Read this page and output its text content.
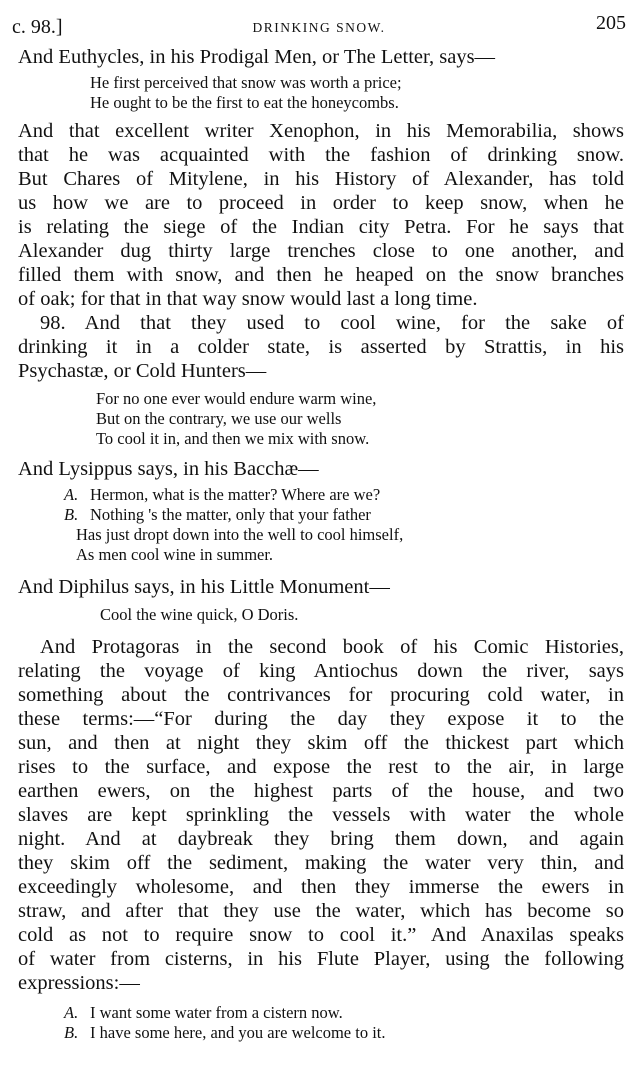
c. 98.]	DRINKING SNOW.	205
And Euthycles, in his Prodigal Men, or The Letter, says—
He first perceived that snow was worth a price;
He ought to be the first to eat the honeycombs.
And that excellent writer Xenophon, in his Memorabilia, shows
that he was acquainted with the fashion of drinking snow.
But Chares of Mitylene, in his History of Alexander, has told
us how we are to proceed in order to keep snow, when he
is relating the siege of the Indian city Petra. For he says that
Alexander dug thirty large trenches close to one another, and
filled them with snow, and then he heaped on the snow branches
of oak; for that in that way snow would last a long time.
98. And that they used to cool wine, for the sake of
drinking it in a colder state, is asserted by Strattis, in his
Psychastæ, or Cold Hunters—
For no one ever would endure warm wine,
But on the contrary, we use our wells
To cool it in, and then we mix with snow.
And Lysippus says, in his Bacchæ—
A. Hermon, what is the matter? Where are we?
B. Nothing 's the matter, only that your father
Has just dropt down into the well to cool himself,
As men cool wine in summer.
And Diphilus says, in his Little Monument—
Cool the wine quick, O Doris.
And Protagoras in the second book of his Comic Histories,
relating the voyage of king Antiochus down the river, says
something about the contrivances for procuring cold water, in
these terms:—“For during the day they expose it to the
sun, and then at night they skim off the thickest part which
rises to the surface, and expose the rest to the air, in large
earthen ewers, on the highest parts of the house, and two
slaves are kept sprinkling the vessels with water the whole
night. And at daybreak they bring them down, and again
they skim off the sediment, making the water very thin, and
exceedingly wholesome, and then they immerse the ewers in
straw, and after that they use the water, which has become so
cold as not to require snow to cool it.” And Anaxilas speaks
of water from cisterns, in his Flute Player, using the following
expressions:—
A. I want some water from a cistern now.
B. I have some here, and you are welcome to it.
